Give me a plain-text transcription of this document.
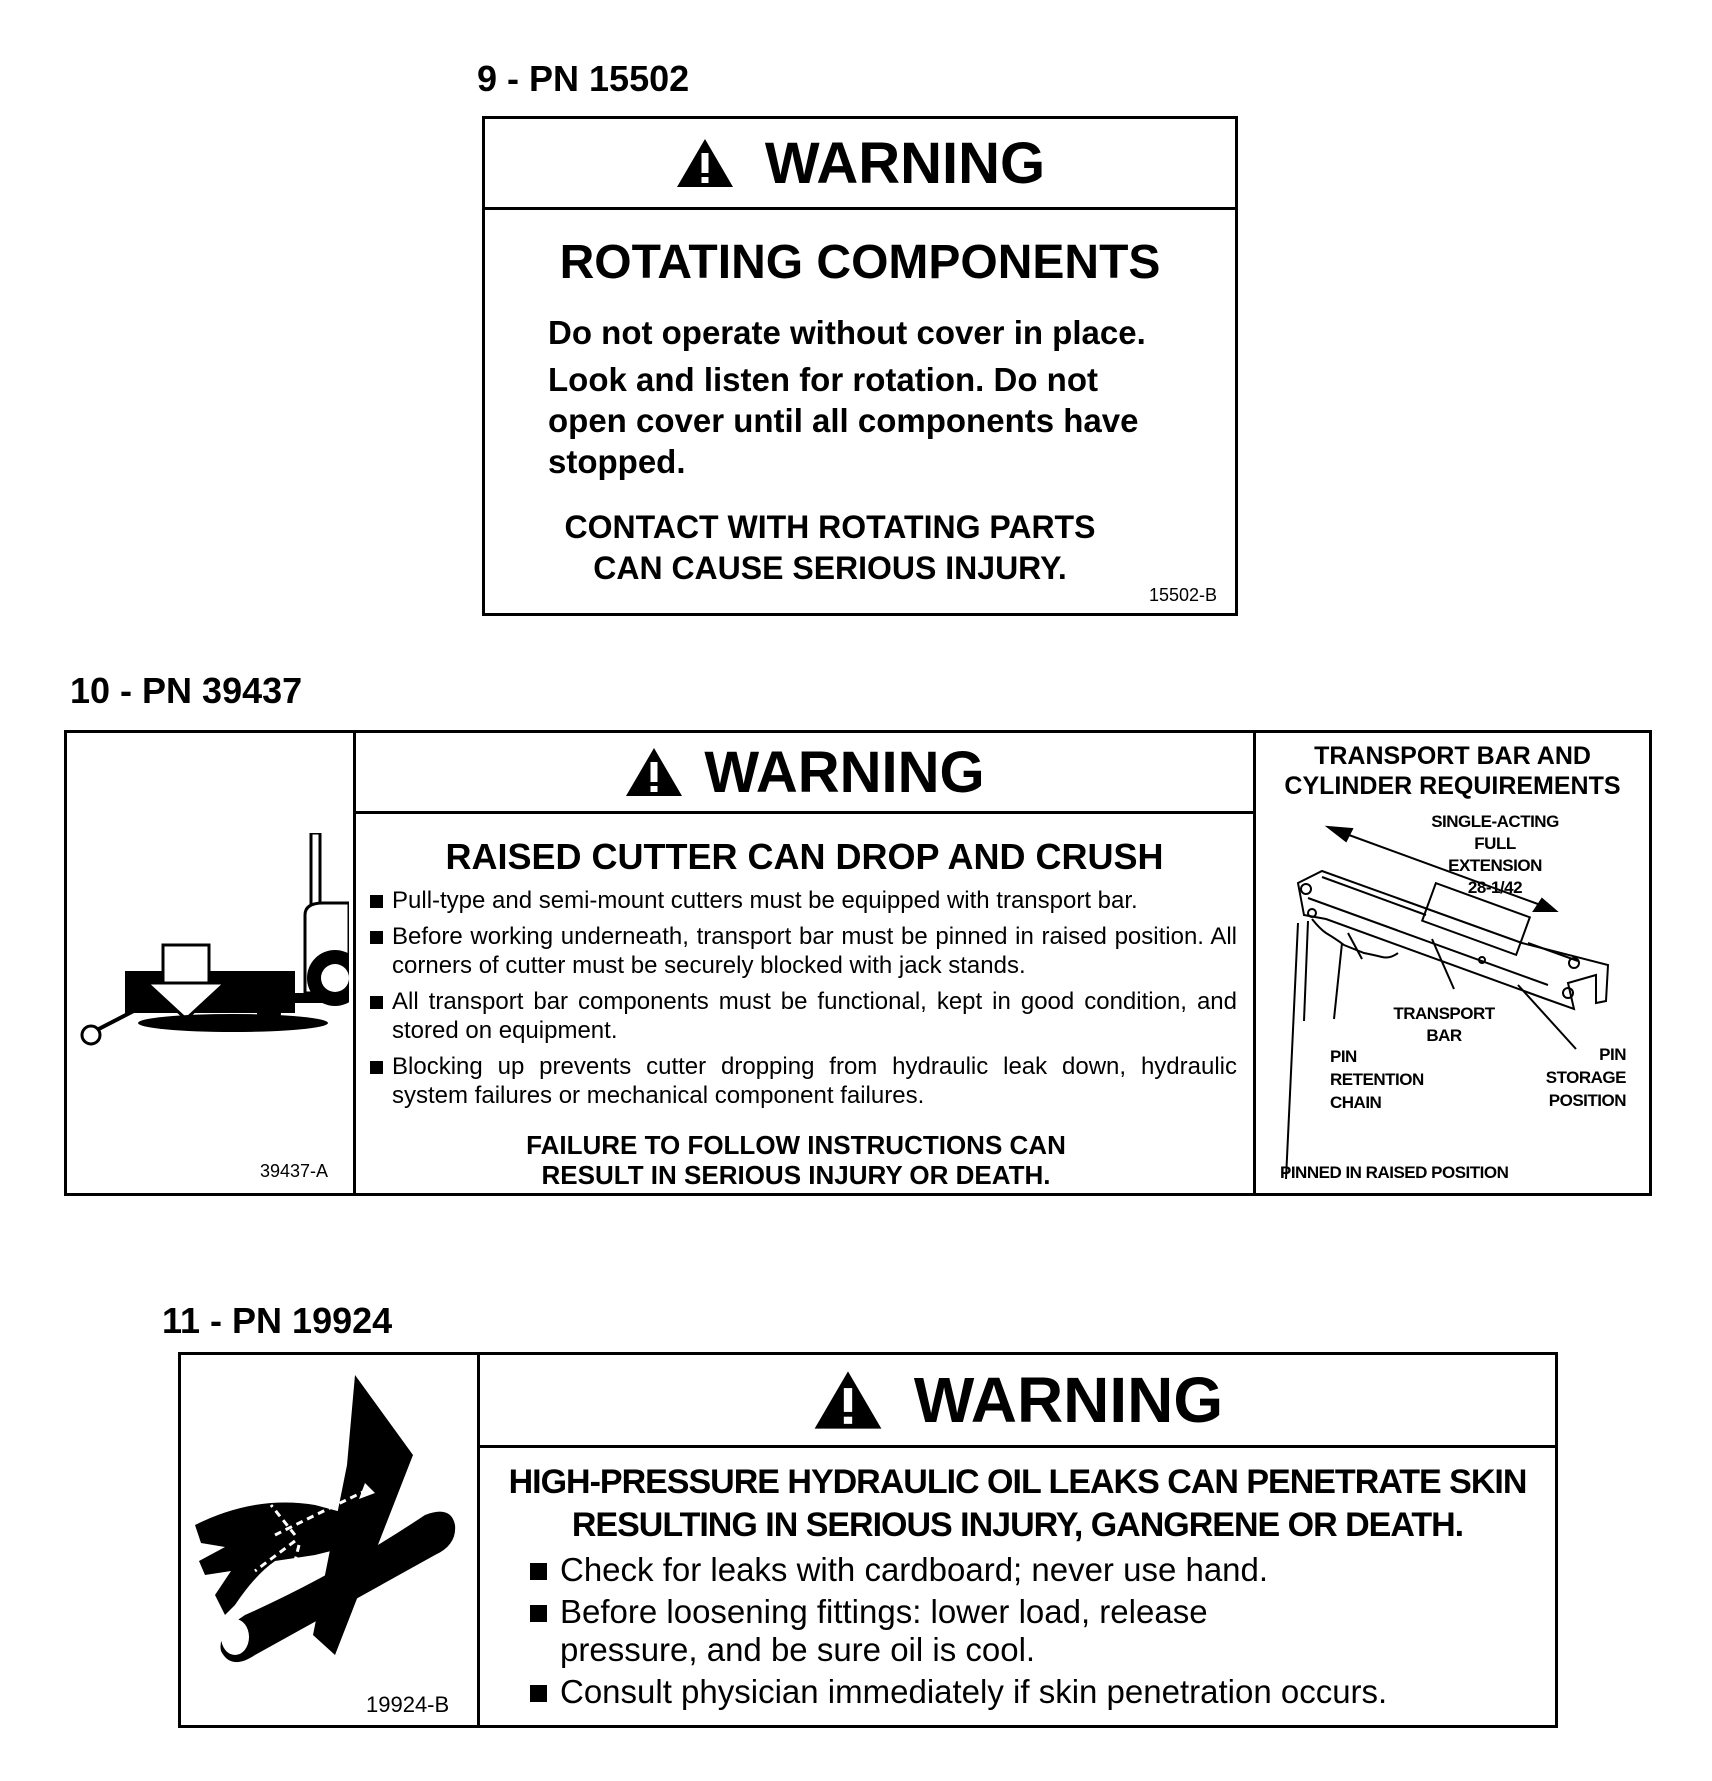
9 - PN 15502
WARNING
ROTATING COMPONENTS
Do not operate without cover in place.
Look and listen for rotation. Do not
open cover until all components have
stopped.
CONTACT WITH ROTATING PARTS
CAN CAUSE SERIOUS INJURY.
15502-B
10 - PN 39437
39437-A
WARNING
RAISED CUTTER CAN DROP AND CRUSH
Pull-type and semi-mount cutters must be equipped with transport bar.
Before working underneath, transport bar must be pinned in raised position. All corners of cutter must be securely blocked with jack stands.
All transport bar components must be functional, kept in good condition, and stored on equipment.
Blocking up prevents cutter dropping from hydraulic leak down, hydraulic system failures or mechanical component failures.
FAILURE TO FOLLOW INSTRUCTIONS CAN
RESULT IN SERIOUS INJURY OR DEATH.
TRANSPORT BAR AND
CYLINDER REQUIREMENTS
SINGLE-ACTING FULL
EXTENSION
28-1/42
TRANSPORT
BAR
PIN
RETENTION
CHAIN
PIN
STORAGE
POSITION
PINNED IN RAISED POSITION
11 - PN 19924
19924-B
WARNING
HIGH-PRESSURE HYDRAULIC OIL LEAKS CAN PENETRATE SKIN
RESULTING IN SERIOUS INJURY, GANGRENE OR DEATH.
Check for leaks with cardboard; never use hand.
Before loosening fittings: lower load, release pressure, and be sure oil is cool.
Consult physician immediately if skin penetration occurs.
